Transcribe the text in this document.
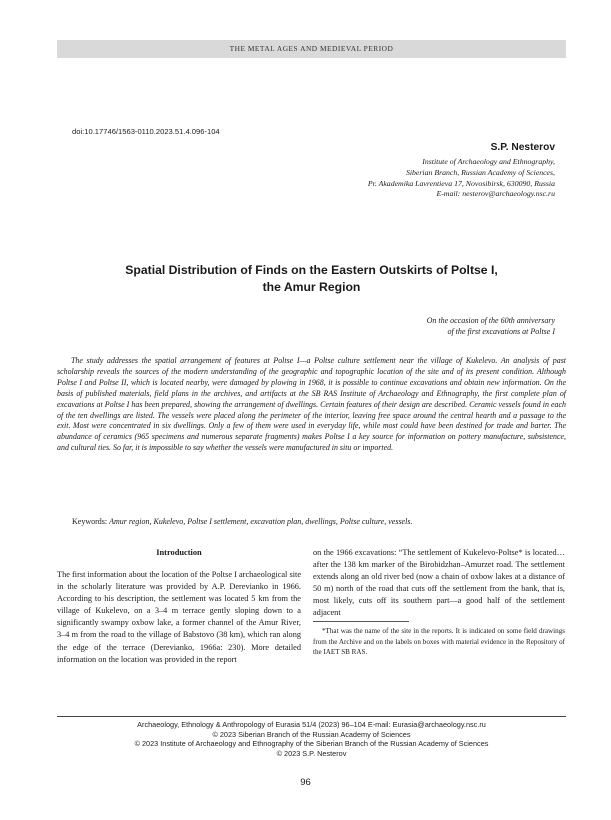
THE METAL AGES AND MEDIEVAL PERIOD
doi:10.17746/1563-0110.2023.51.4.096-104
S.P. Nesterov
Institute of Archaeology and Ethnography,
Siberian Branch, Russian Academy of Sciences,
Pr. Akademika Lavrentieva 17, Novosibirsk, 630090, Russia
E-mail: nesterov@archaeology.nsc.ru
Spatial Distribution of Finds on the Eastern Outskirts of Poltse I,
the Amur Region
On the occasion of the 60th anniversary
of the first excavations at Poltse I

The study addresses the spatial arrangement of features at Poltse I—a Poltse culture settlement near the village of Kukelevo. An analysis of past scholarship reveals the sources of the modern understanding of the geographic and topographic location of the site and of its present condition. Although Poltse I and Poltse II, which is located nearby, were damaged by plowing in 1968, it is possible to continue excavations and obtain new information. On the basis of published materials, field plans in the archives, and artifacts at the SB RAS Institute of Archaeology and Ethnography, the first complete plan of excavations at Poltse I has been prepared, showing the arrangement of dwellings. Certain features of their design are described. Ceramic vessels found in each of the ten dwellings are listed. The vessels were placed along the perimeter of the interior, leaving free space around the central hearth and a passage to the exit. Most were concentrated in six dwellings. Only a few of them were used in everyday life, while most could have been destined for trade and barter. The abundance of ceramics (965 specimens and numerous separate fragments) makes Poltse I a key source for information on pottery manufacture, subsistence, and cultural ties. So far, it is impossible to say whether the vessels were manufactured in situ or imported.

Keywords: Amur region, Kukelevo, Poltse I settlement, excavation plan, dwellings, Poltse culture, vessels.
Introduction

The first information about the location of the Poltse I archaeological site in the scholarly literature was provided by A.P. Derevianko in 1966. According to his description, the settlement was located 5 km from the village of Kukelevo, on a 3–4 m terrace gently sloping down to a significantly swampy oxbow lake, a former channel of the Amur River, 3–4 m from the road to the village of Babstovo (38 km), which ran along the edge of the terrace (Derevianko, 1966a: 230). More detailed information on the location was provided in the report

on the 1966 excavations: “The settlement of Kukelevo-Poltse* is located… after the 138 km marker of the Birobidzhan–Amurzet road. The settlement extends along an old river bed (now a chain of oxbow lakes at a distance of 50 m) north of the road that cuts off the settlement from the bank, that is, most likely, cuts off its southern part—a good half of the settlement adjacent

*That was the name of the site in the reports. It is indicated on some field drawings from the Archive and on the labels on boxes with material evidence in the Repository of the IAET SB RAS.

Archaeology, Ethnology & Anthropology of Eurasia 51/4 (2023) 96–104 E-mail: Eurasia@archaeology.nsc.ru
© 2023 Siberian Branch of the Russian Academy of Sciences
© 2023 Institute of Archaeology and Ethnography of the Siberian Branch of the Russian Academy of Sciences
© 2023 S.P. Nesterov
96
